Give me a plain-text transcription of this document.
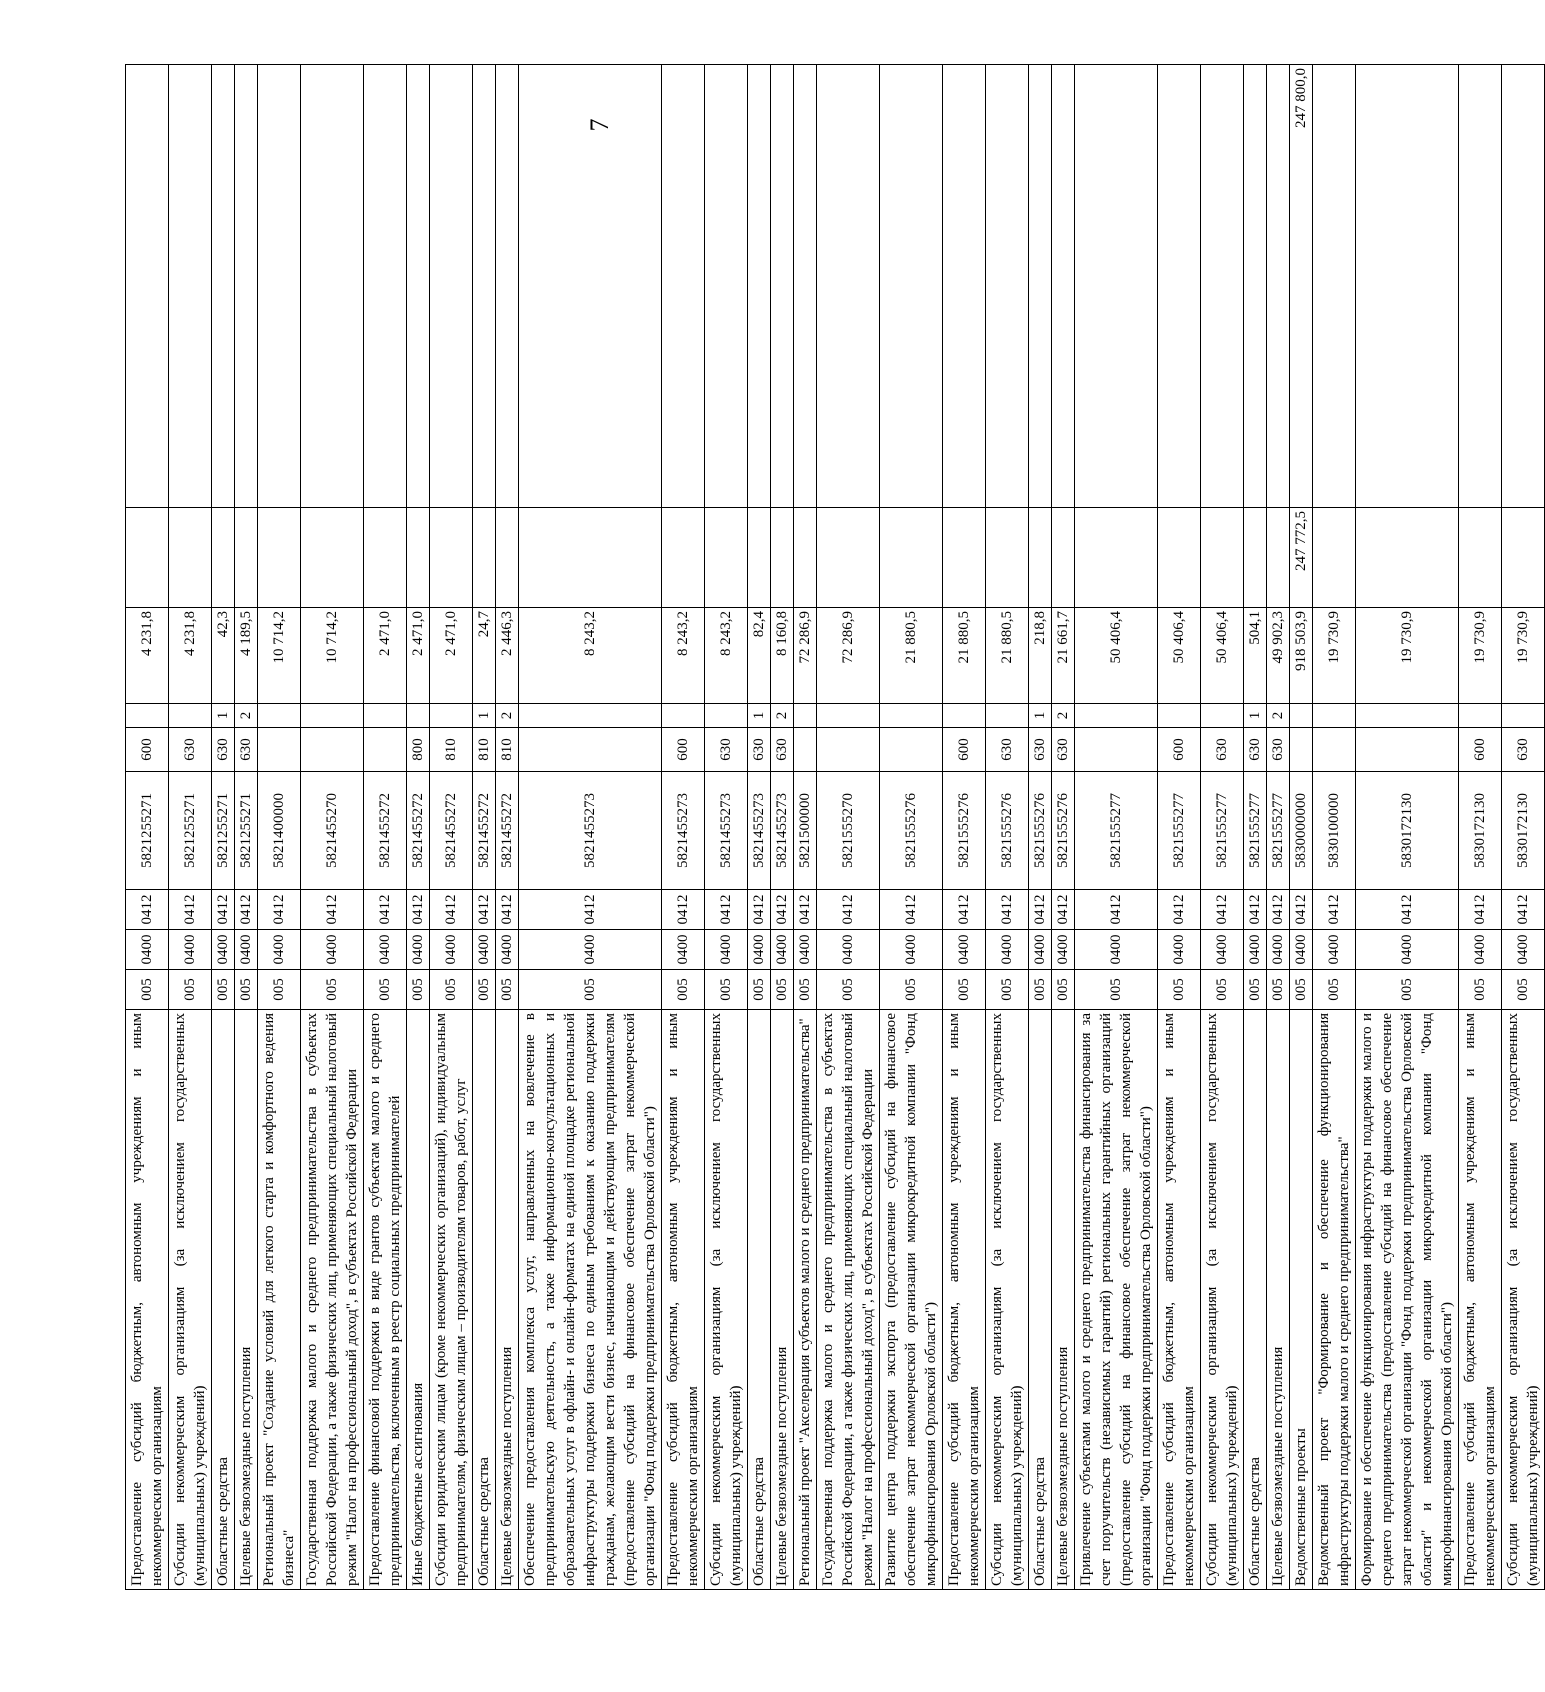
7
Предоставление субсидий бюджетным, автономным учреждениям и иным некоммерческим организациям	005	0400	0412	5821255271	600		4 231,8		
Субсидии некоммерческим организациям (за исключением государственных (муниципальных) учреждений)	005	0400	0412	5821255271	630		4 231,8		
Областные средства	005	0400	0412	5821255271	630	1	42,3		
Целевые безвозмездные поступления	005	0400	0412	5821255271	630	2	4 189,5		
Региональный проект "Создание условий для легкого старта и комфортного ведения бизнеса"	005	0400	0412	5821400000			10 714,2		
Государственная поддержка малого и среднего предпринимательства в субъектах Российской Федерации, а также физических лиц, применяющих специальный налоговый режим "Налог на профессиональный доход", в субъектах Российской Федерации	005	0400	0412	5821455270			10 714,2		
Предоставление финансовой поддержки в виде грантов субъектам малого и среднего предпринимательства, включенным в реестр социальных предпринимателей	005	0400	0412	5821455272			2 471,0		
Иные бюджетные ассигнования	005	0400	0412	5821455272	800		2 471,0		
Субсидии юридическим лицам (кроме некоммерческих организаций), индивидуальным предпринимателям, физическим лицам – производителям товаров, работ, услуг	005	0400	0412	5821455272	810		2 471,0		
Областные средства	005	0400	0412	5821455272	810	1	24,7		
Целевые безвозмездные поступления	005	0400	0412	5821455272	810	2	2 446,3		
Обеспечение предоставления комплекса услуг, направленных на вовлечение в предпринимательскую деятельность, а также информационно-консультационных и образовательных услуг в офлайн- и онлайн-форматах на единой площадке региональной инфраструктуры поддержки бизнеса по единым требованиям к оказанию поддержки гражданам, желающим вести бизнес, начинающим и действующим предпринимателям (предоставление субсидий на финансовое обеспечение затрат некоммерческой организации "Фонд поддержки предпринимательства Орловской области")	005	0400	0412	5821455273			8 243,2		
Предоставление субсидий бюджетным, автономным учреждениям и иным некоммерческим организациям	005	0400	0412	5821455273	600		8 243,2		
Субсидии некоммерческим организациям (за исключением государственных (муниципальных) учреждений)	005	0400	0412	5821455273	630		8 243,2		
Областные средства	005	0400	0412	5821455273	630	1	82,4		
Целевые безвозмездные поступления	005	0400	0412	5821455273	630	2	8 160,8		
Региональный проект "Акселерация субъектов малого и среднего предпринимательства"	005	0400	0412	5821500000			72 286,9		
Государственная поддержка малого и среднего предпринимательства в субъектах Российской Федерации, а также физических лиц, применяющих специальный налоговый режим "Налог на профессиональный доход", в субъектах Российской Федерации	005	0400	0412	5821555270			72 286,9		
Развитие центра поддержки экспорта (предоставление субсидий на финансовое обеспечение затрат некоммерческой организации микрокредитной компании "Фонд микрофинансирования Орловской области")	005	0400	0412	5821555276			21 880,5		
Предоставление субсидий бюджетным, автономным учреждениям и иным некоммерческим организациям	005	0400	0412	5821555276	600		21 880,5		
Субсидии некоммерческим организациям (за исключением государственных (муниципальных) учреждений)	005	0400	0412	5821555276	630		21 880,5		
Областные средства	005	0400	0412	5821555276	630	1	218,8		
Целевые безвозмездные поступления	005	0400	0412	5821555276	630	2	21 661,7		
Привлечение субъектами малого и среднего предпринимательства финансирования за счет поручительств (независимых гарантий) региональных гарантийных организаций (предоставление субсидий на финансовое обеспечение затрат некоммерческой организации "Фонд поддержки предпринимательства Орловской области")	005	0400	0412	5821555277			50 406,4		
Предоставление субсидий бюджетным, автономным учреждениям и иным некоммерческим организациям	005	0400	0412	5821555277	600		50 406,4		
Субсидии некоммерческим организациям (за исключением государственных (муниципальных) учреждений)	005	0400	0412	5821555277	630		50 406,4		
Областные средства	005	0400	0412	5821555277	630	1	504,1		
Целевые безвозмездные поступления	005	0400	0412	5821555277	630	2	49 902,3		
Ведомственные проекты	005	0400	0412	5830000000			918 503,9	247 772,5	247 800,0
Ведомственный проект "Формирование и обеспечение функционирования инфраструктуры поддержки малого и среднего предпринимательства"	005	0400	0412	5830100000			19 730,9		
Формирование и обеспечение функционирования инфраструктуры поддержки малого и среднего предпринимательства (предоставление субсидий на финансовое обеспечение затрат некоммерческой организации "Фонд поддержки предпринимательства Орловской области" и некоммерческой организации микрокредитной компании "Фонд микрофинансирования Орловской области")	005	0400	0412	5830172130			19 730,9		
Предоставление субсидий бюджетным, автономным учреждениям и иным некоммерческим организациям	005	0400	0412	5830172130	600		19 730,9		
Субсидии некоммерческим организациям (за исключением государственных (муниципальных) учреждений)	005	0400	0412	5830172130	630		19 730,9		
